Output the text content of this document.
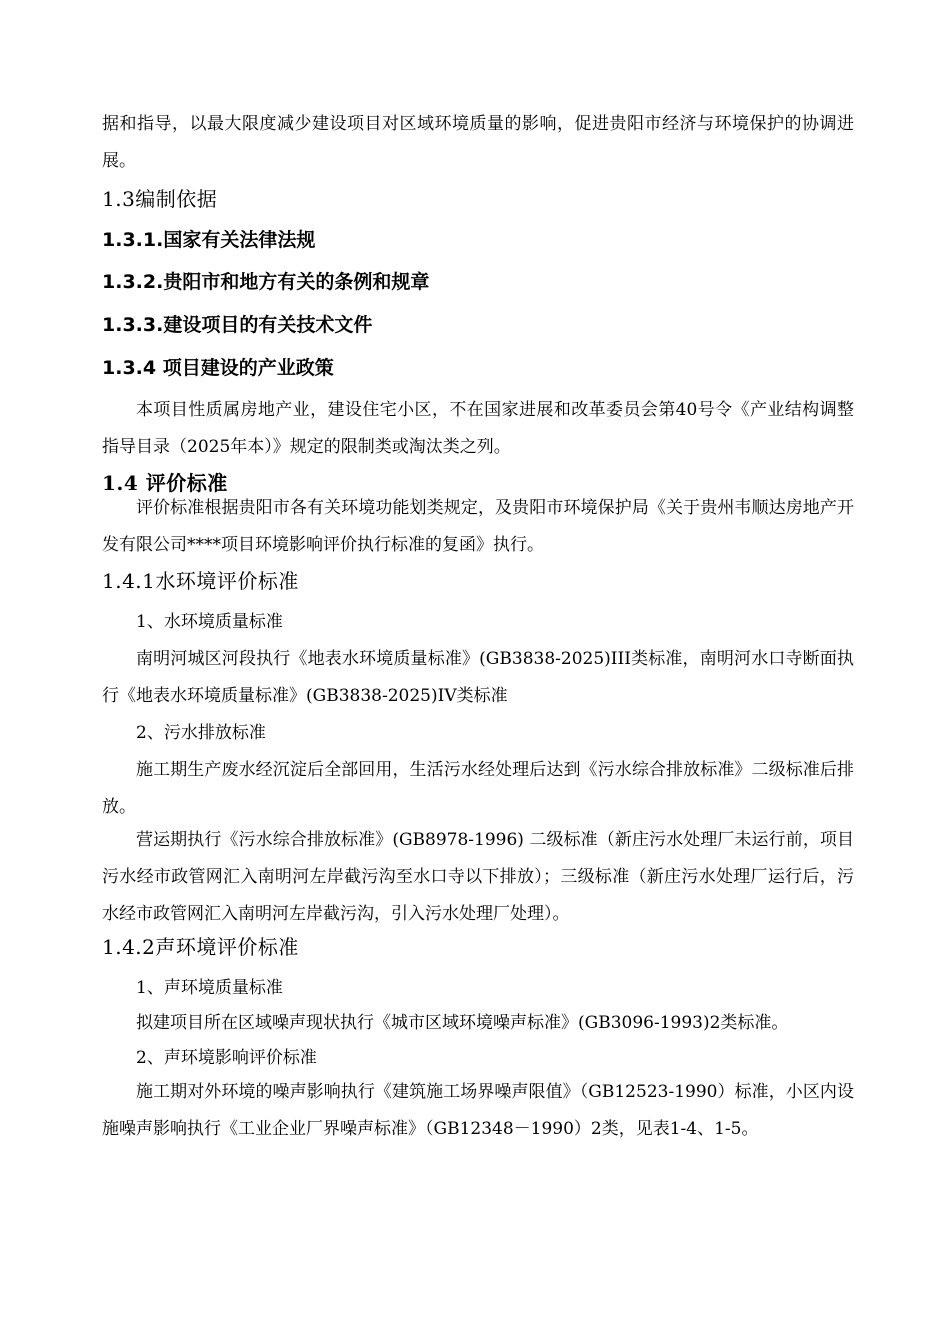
据和指导，以最大限度减少建设项目对区域环境质量的影响，促进贵阳市经济与环境保护的协调进展。

1.3编制依据
1.3.1.国家有关法律法规
1.3.2.贵阳市和地方有关的条例和规章
1.3.3.建设项目的有关技术文件
1.3.4 项目建设的产业政策

本项目性质属房地产业，建设住宅小区，不在国家进展和改革委员会第40号令《产业结构调整指导目录（2025年本）》规定的限制类或淘汰类之列。

1.4 评价标准

评价标准根据贵阳市各有关环境功能划类规定，及贵阳市环境保护局《关于贵州韦顺达房地产开发有限公司****项目环境影响评价执行标准的复函》执行。

1.4.1水环境评价标准

1、水环境质量标准

南明河城区河段执行《地表水环境质量标准》(GB3838-2025)III类标准，南明河水口寺断面执行《地表水环境质量标准》(GB3838-2025)IV类标准

2、污水排放标准

施工期生产废水经沉淀后全部回用，生活污水经处理后达到《污水综合排放标准》二级标准后排放。

营运期执行《污水综合排放标准》(GB8978-1996) 二级标准（新庄污水处理厂未运行前，项目污水经市政管网汇入南明河左岸截污沟至水口寺以下排放）；三级标准（新庄污水处理厂运行后，污水经市政管网汇入南明河左岸截污沟，引入污水处理厂处理）。

1.4.2声环境评价标准

1、声环境质量标准

拟建项目所在区域噪声现状执行《城市区域环境噪声标准》(GB3096-1993)2类标准。

2、声环境影响评价标准

施工期对外环境的噪声影响执行《建筑施工场界噪声限值》（GB12523-1990）标准，小区内设施噪声影响执行《工业企业厂界噪声标准》（GB12348－1990）2类，见表1-4、1-5。
